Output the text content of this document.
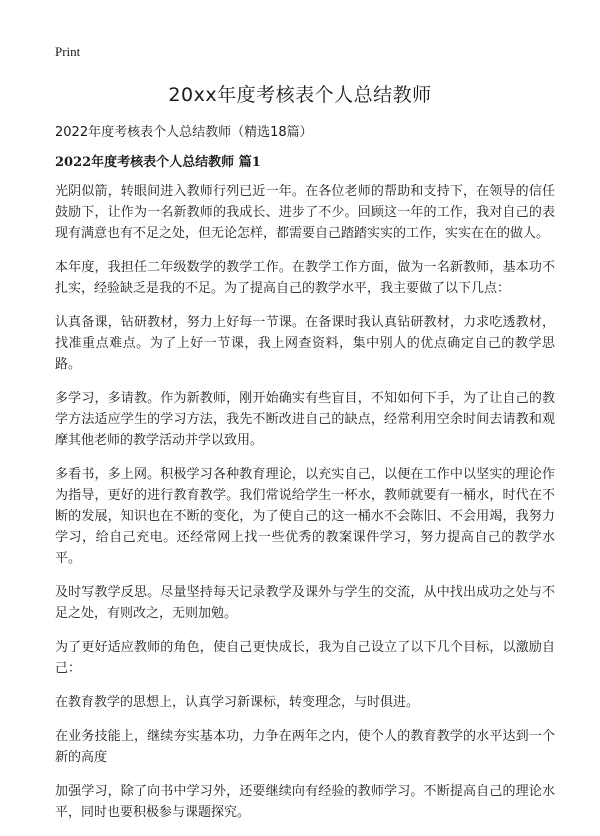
Print
20xx年度考核表个人总结教师
2022年度考核表个人总结教师（精选18篇）
2022年度考核表个人总结教师 篇1

光阴似箭，转眼间进入教师行列已近一年。在各位老师的帮助和支持下，在领导的信任鼓励下，让作为一名新教师的我成长、进步了不少。回顾这一年的工作，我对自己的表现有满意也有不足之处，但无论怎样，都需要自己踏踏实实的工作，实实在在的做人。

本年度，我担任二年级数学的教学工作。在教学工作方面，做为一名新教师，基本功不扎实，经验缺乏是我的不足。为了提高自己的教学水平，我主要做了以下几点：

认真备课，钻研教材，努力上好每一节课。在备课时我认真钻研教材，力求吃透教材，找准重点难点。为了上好一节课，我上网查资料，集中别人的优点确定自己的教学思路。

多学习，多请教。作为新教师，刚开始确实有些盲目，不知如何下手，为了让自己的教学方法适应学生的学习方法，我先不断改进自己的缺点，经常利用空余时间去请教和观摩其他老师的教学活动并学以致用。

多看书，多上网。积极学习各种教育理论，以充实自己，以便在工作中以坚实的理论作为指导，更好的进行教育教学。我们常说给学生一杯水，教师就要有一桶水，时代在不断的发展，知识也在不断的变化，为了使自己的这一桶水不会陈旧、不会用竭，我努力学习，给自己充电。还经常网上找一些优秀的教案课件学习，努力提高自己的教学水平。

及时写教学反思。尽量坚持每天记录教学及课外与学生的交流，从中找出成功之处与不足之处，有则改之，无则加勉。

为了更好适应教师的角色，使自己更快成长，我为自己设立了以下几个目标，以激励自己：

在教育教学的思想上，认真学习新课标，转变理念，与时俱进。

在业务技能上，继续夯实基本功，力争在两年之内，使个人的教育教学的水平达到一个新的高度

加强学习，除了向书中学习外，还要继续向有经验的教师学习。不断提高自己的理论水平，同时也要积极参与课题探究。
